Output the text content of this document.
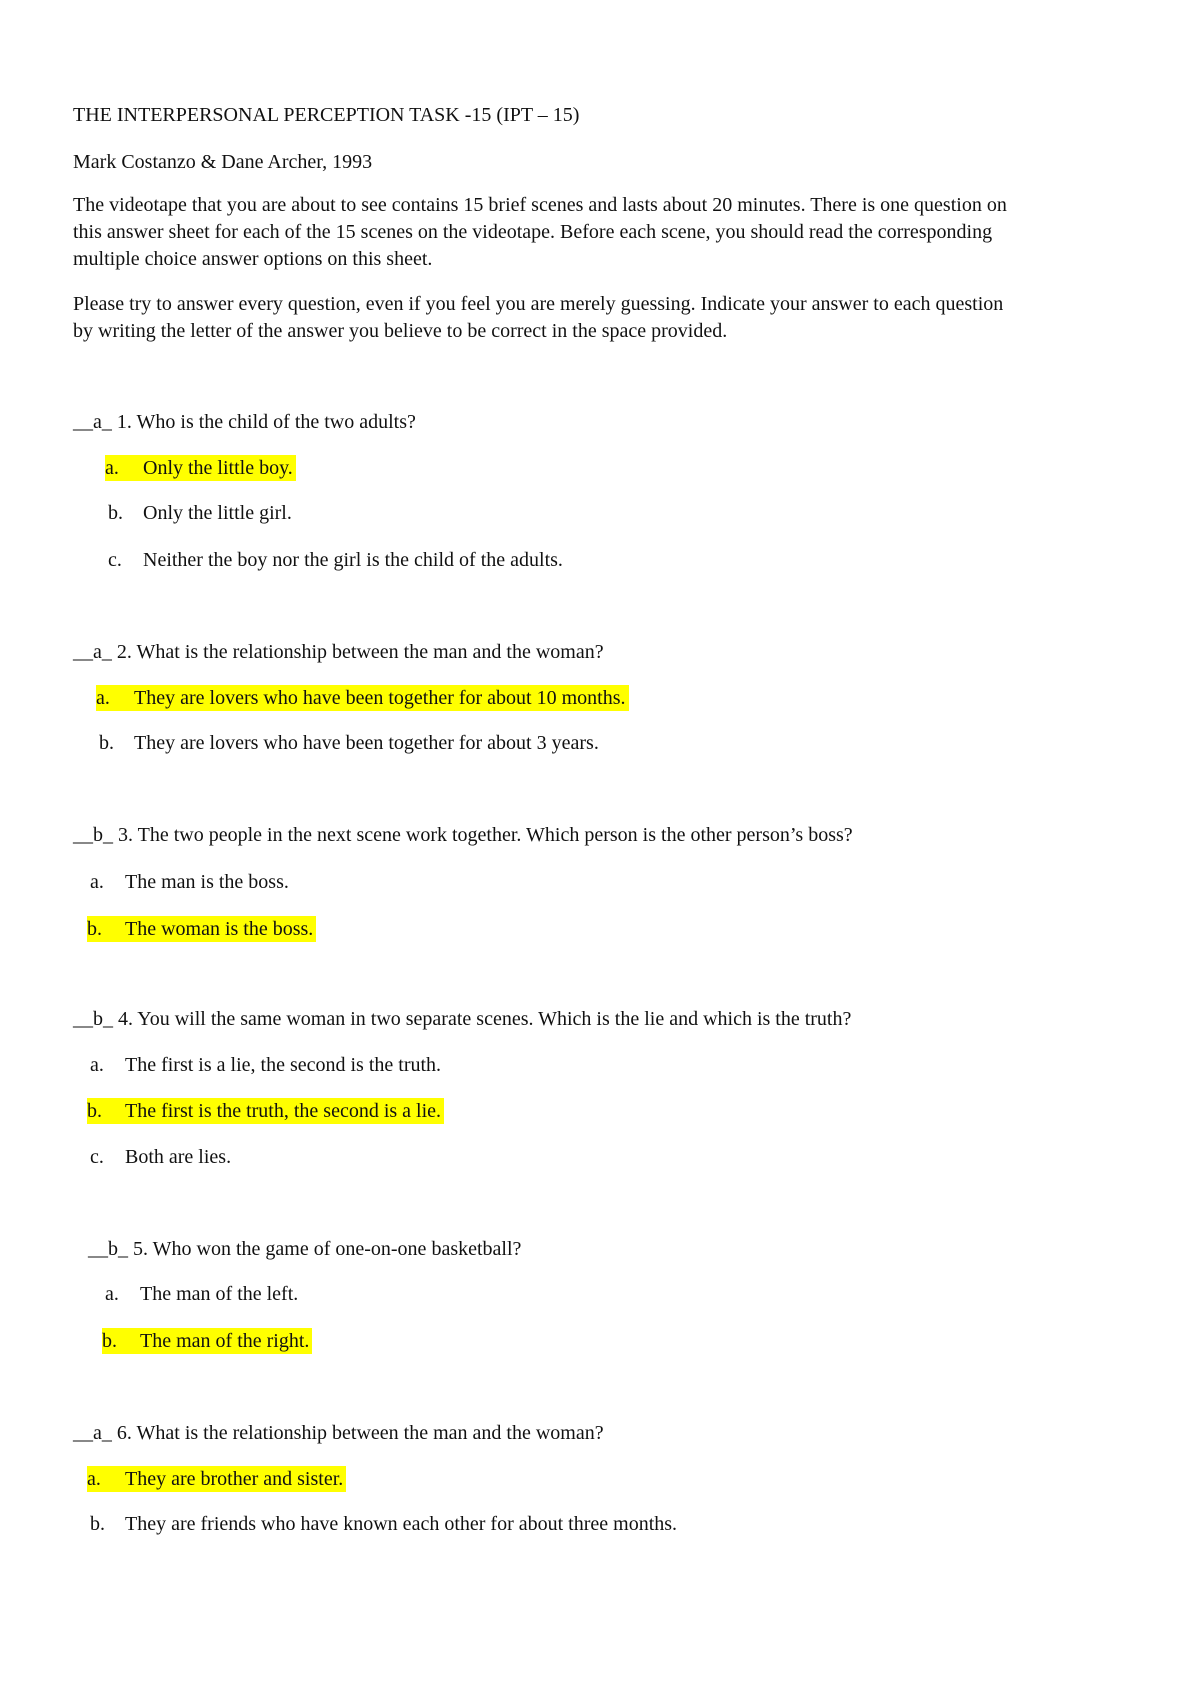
THE INTERPERSONAL PERCEPTION TASK -15 (IPT – 15)
Mark Costanzo & Dane Archer, 1993
The videotape that you are about to see contains 15 brief scenes and lasts about 20 minutes. There is one question on
this answer sheet for each of the 15 scenes on the videotape. Before each scene, you should read the corresponding
multiple choice answer options on this sheet.
Please try to answer every question, even if you feel you are merely guessing. Indicate your answer to each question
by writing the letter of the answer you believe to be correct in the space provided.
__a_ 1. Who is the child of the two adults?
a. Only the little boy.
b. Only the little girl.
c. Neither the boy nor the girl is the child of the adults.
__a_ 2. What is the relationship between the man and the woman?
a. They are lovers who have been together for about 10 months.
b. They are lovers who have been together for about 3 years.
__b_ 3. The two people in the next scene work together. Which person is the other person’s boss?
a. The man is the boss.
b. The woman is the boss.
__b_ 4. You will the same woman in two separate scenes. Which is the lie and which is the truth?
a. The first is a lie, the second is the truth.
b. The first is the truth, the second is a lie.
c. Both are lies.
__b_ 5. Who won the game of one-on-one basketball?
a. The man of the left.
b. The man of the right.
__a_ 6. What is the relationship between the man and the woman?
a. They are brother and sister.
b. They are friends who have known each other for about three months.
